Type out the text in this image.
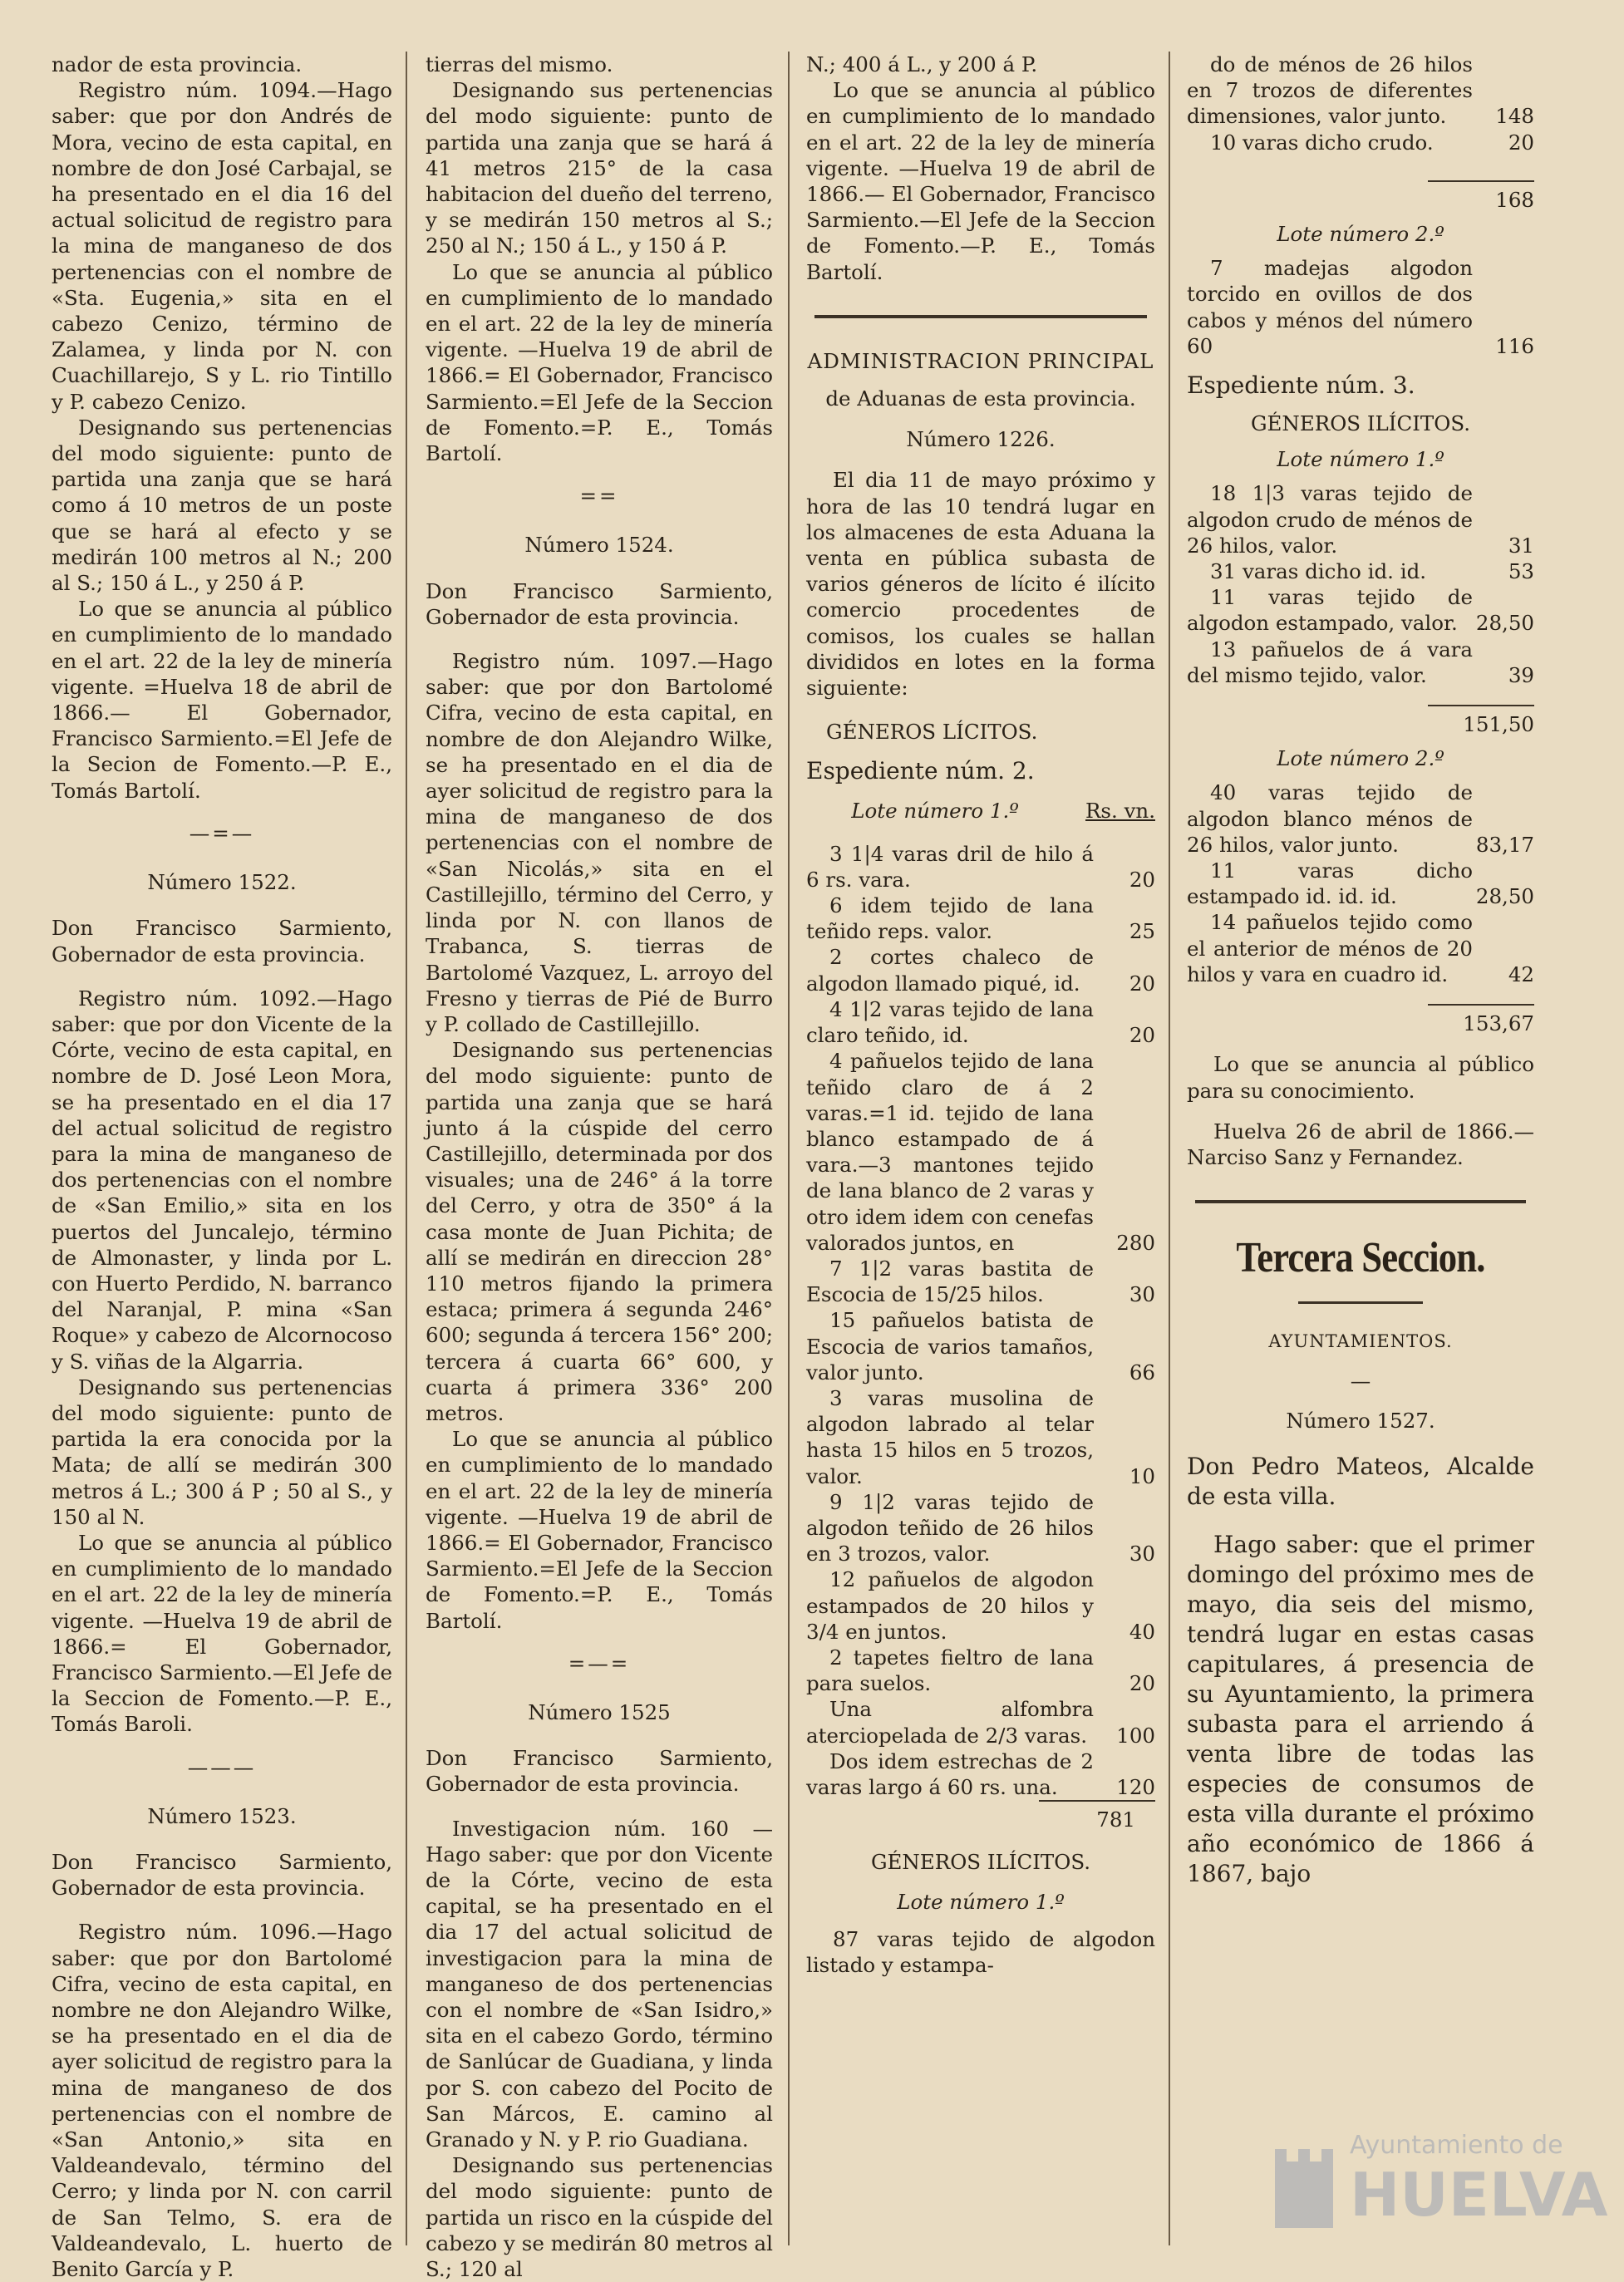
nador de esta provincia.

Registro núm. 1094.—Hago saber: que por don Andrés de Mora, vecino de esta capital, en nombre de don José Carbajal, se ha presentado en el dia 16 del actual solicitud de registro para la mina de manganeso de dos pertenencias con el nombre de «Sta. Eugenia,» sita en el cabezo Cenizo, término de Zalamea, y linda por N. con Cuachillarejo, S y L. rio Tintillo y P. cabezo Cenizo.

Designando sus pertenencias del modo siguiente: punto de partida una zanja que se hará como á 10 metros de un poste que se hará al efecto y se medirán 100 metros al N.; 200 al S.; 150 á L., y 250 á P.

Lo que se anuncia al público en cumplimiento de lo mandado en el art. 22 de la ley de minería vigente. =Huelva 18 de abril de 1866.— El Gobernador, Francisco Sarmiento.=El Jefe de la Secion de Fomento.—P. E., Tomás Bartolí.

—=—
Número 1522.

Don Francisco Sarmiento, Gobernador de esta provincia.

Registro núm. 1092.—Hago saber: que por don Vicente de la Córte, vecino de esta capital, en nombre de D. José Leon Mora, se ha presentado en el dia 17 del actual solicitud de registro para la mina de manganeso de dos pertenencias con el nombre de «San Emilio,» sita en los puertos del Juncalejo, término de Almonaster, y linda por L. con Huerto Perdido, N. barranco del Naranjal, P. mina «San Roque» y cabezo de Alcornocoso y S. viñas de la Algarria.

Designando sus pertenencias del modo siguiente: punto de partida la era conocida por la Mata; de allí se medirán 300 metros á L.; 300 á P ; 50 al S., y 150 al N.

Lo que se anuncia al público en cumplimiento de lo mandado en el art. 22 de la ley de minería vigente. —Huelva 19 de abril de 1866.= El Gobernador, Francisco Sarmiento.—El Jefe de la Seccion de Fomento.—P. E., Tomás Baroli.

———
Número 1523.

Don Francisco Sarmiento, Gobernador de esta provincia.

Registro núm. 1096.—Hago saber: que por don Bartolomé Cifra, vecino de esta capital, en nombre ne don Alejandro Wilke, se ha presentado en el dia de ayer solicitud de registro para la mina de manganeso de dos pertenencias con el nombre de «San Antonio,» sita en Valdeandevalo, término del Cerro; y linda por N. con carril de San Telmo, S. era de Valdeandevalo, L. huerto de Benito García y P.

tierras del mismo.

Designando sus pertenencias del modo siguiente: punto de partida una zanja que se hará á 41 metros 215° de la casa habitacion del dueño del terreno, y se medirán 150 metros al S.; 250 al N.; 150 á L., y 150 á P.

Lo que se anuncia al público en cumplimiento de lo mandado en el art. 22 de la ley de minería vigente. —Huelva 19 de abril de 1866.= El Gobernador, Francisco Sarmiento.=El Jefe de la Seccion de Fomento.=P. E., Tomás Bartolí.

==
Número 1524.

Don Francisco Sarmiento, Gobernador de esta provincia.

Registro núm. 1097.—Hago saber: que por don Bartolomé Cifra, vecino de esta capital, en nombre de don Alejandro Wilke, se ha presentado en el dia de ayer solicitud de registro para la mina de manganeso de dos pertenencias con el nombre de «San Nicolás,» sita en el Castillejillo, término del Cerro, y linda por N. con llanos de Trabanca, S. tierras de Bartolomé Vazquez, L. arroyo del Fresno y tierras de Pié de Burro y P. collado de Castillejillo.

Designando sus pertenencias del modo siguiente: punto de partida una zanja que se hará junto á la cúspide del cerro Castillejillo, determinada por dos visuales; una de 246° á la torre del Cerro, y otra de 350° á la casa monte de Juan Pichita; de allí se medirán en direccion 28° 110 metros fijando la primera estaca; primera á segunda 246° 600; segunda á tercera 156° 200; tercera á cuarta 66° 600, y cuarta á primera 336° 200 metros.

Lo que se anuncia al público en cumplimiento de lo mandado en el art. 22 de la ley de minería vigente. —Huelva 19 de abril de 1866.= El Gobernador, Francisco Sarmiento.=El Jefe de la Seccion de Fomento.=P. E., Tomás Bartolí.

=—=
Número 1525

Don Francisco Sarmiento, Gobernador de esta provincia.

Investigacion núm. 160 —Hago saber: que por don Vicente de la Córte, vecino de esta capital, se ha presentado en el dia 17 del actual solicitud de investigacion para la mina de manganeso de dos pertenencias con el nombre de «San Isidro,» sita en el cabezo Gordo, término de Sanlúcar de Guadiana, y linda por S. con cabezo del Pocito de San Márcos, E. camino al Granado y N. y P. rio Guadiana.

Designando sus pertenencias del modo siguiente: punto de partida un risco en la cúspide del cabezo y se medirán 80 metros al S.; 120 al

N.; 400 á L., y 200 á P.

Lo que se anuncia al público en cumplimiento de lo mandado en el art. 22 de la ley de minería vigente. —Huelva 19 de abril de 1866.— El Gobernador, Francisco Sarmiento.—El Jefe de la Seccion de Fomento.—P. E., Tomás Bartolí.

ADMINISTRACION PRINCIPAL
de Aduanas de esta provincia.
Número 1226.

El dia 11 de mayo próximo y hora de las 10 tendrá lugar en los almacenes de esta Aduana la venta en pública subasta de varios géneros de lícito é ilícito comercio procedentes de comisos, los cuales se hallan divididos en lotes en la forma siguiente:

GÉNEROS LÍCITOS.
Espediente núm. 2.
Lote número 1.º	Rs. vn.
3 1|4 varas dril de hilo á 6 rs. vara.	20
6 idem tejido de lana teñido reps. valor.	25
2 cortes chaleco de algodon llamado piqué, id.	20
4 1|2 varas tejido de lana claro teñido, id.	20
4 pañuelos tejido de lana teñido claro de á 2 varas.=1 id. tejido de lana blanco estampado de á vara.—3 mantones tejido de lana blanco de 2 varas y otro idem idem con cenefas valorados juntos, en	280
7 1|2 varas bastita de Escocia de 15/25 hilos.	30
15 pañuelos batista de Escocia de varios tamaños, valor junto.	66
3 varas musolina de algodon labrado al telar hasta 15 hilos en 5 trozos, valor.	10
9 1|2 varas tejido de algodon teñido de 26 hilos en 3 trozos, valor.	30
12 pañuelos de algodon estampados de 20 hilos y 3/4 en juntos.	40
2 tapetes fieltro de lana para suelos.	20
Una alfombra aterciopelada de 2/3 varas.	100
Dos idem estrechas de 2 varas largo á 60 rs. una.	120
781
GÉNEROS ILÍCITOS.
Lote número 1.º

87 varas tejido de algodon listado y estampa-

do de ménos de 26 hilos en 7 trozos de diferentes dimensiones, valor junto.	148
10 varas dicho crudo.	20
168
Lote número 2.º
7 madejas algodon torcido en ovillos de dos cabos y ménos del número 60	116
Espediente núm. 3.
GÉNEROS ILÍCITOS.
Lote número 1.º
18 1|3 varas tejido de algodon crudo de ménos de 26 hilos, valor.	31
31 varas dicho id. id.	53
11 varas tejido de algodon estampado, valor. 28,50
13 pañuelos de á vara del mismo tejido, valor.	39
151,50
Lote número 2.º
40 varas tejido de algodon blanco ménos de 26 hilos, valor junto.	83,17
11 varas dicho estampado id. id. id.	28,50
14 pañuelos tejido como el anterior de ménos de 20 hilos y vara en cuadro id.	42
153,67

Lo que se anuncia al público para su conocimiento.

Huelva 26 de abril de 1866.— Narciso Sanz y Fernandez.

Tercera Seccion.
AYUNTAMIENTOS.
—
Número 1527.

Don Pedro Mateos, Alcalde de esta villa.

Hago saber: que el primer domingo del próximo mes de mayo, dia seis del mismo, tendrá lugar en estas casas capitulares, á presencia de su Ayuntamiento, la primera subasta para el arriendo á venta libre de todas las especies de consumos de esta villa durante el próximo año económico de 1866 á 1867, bajo

Ayuntamiento de
HUELVA
